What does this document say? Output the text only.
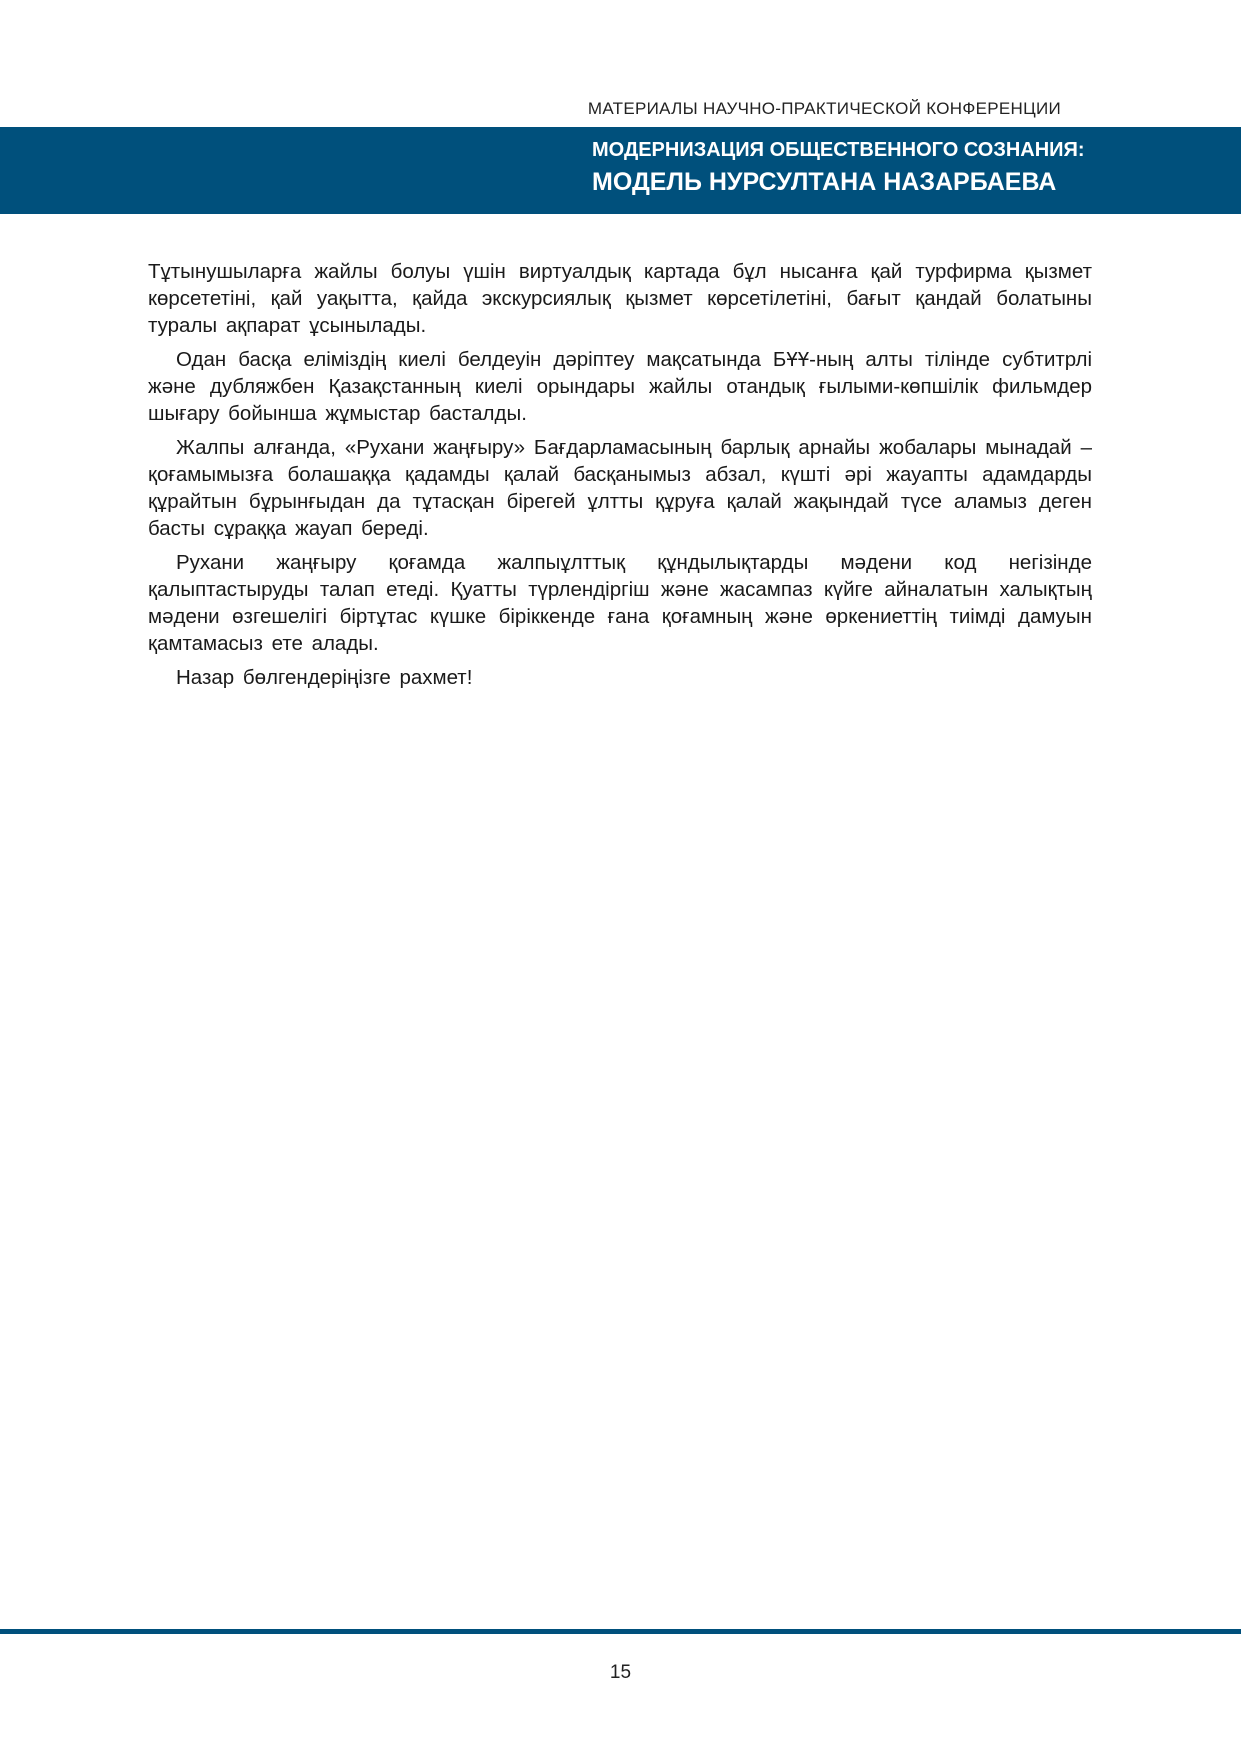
МАТЕРИАЛЫ НАУЧНО-ПРАКТИЧЕСКОЙ КОНФЕРЕНЦИИ
МОДЕРНИЗАЦИЯ ОБЩЕСТВЕННОГО СОЗНАНИЯ:
МОДЕЛЬ НУРСУЛТАНА НАЗАРБАЕВА

Тұтынушыларға жайлы болуы үшін виртуалдық картада бұл нысанға қай турфирма қызмет көрсететіні, қай уақытта, қайда экскурсиялық қызмет көрсетілетіні, бағыт қандай болатыны туралы ақпарат ұсынылады.

Одан басқа еліміздің киелі белдеуін дәріптеу мақсатында БҰҰ-ның алты тілінде субтитрлі және дубляжбен Қазақстанның киелі орындары жайлы отандық ғылыми-көпшілік фильмдер шығару бойынша жұмыстар басталды.

Жалпы алғанда, «Рухани жаңғыру» Бағдарламасының барлық арнайы жобалары мынадай – қоғамымызға болашаққа қадамды қалай басқанымыз абзал, күшті әрі жауапты адамдарды құрайтын бұрынғыдан да тұтасқан бірегей ұлтты құруға қалай жақындай түсе аламыз деген басты сұраққа жауап береді.

Рухани жаңғыру қоғамда жалпыұлттық құндылықтарды мәдени код негізінде қалыптастыруды талап етеді. Қуатты түрлендіргіш және жасампаз күйге айналатын халықтың мәдени өзгешелігі біртұтас күшке біріккенде ғана қоғамның және өркениеттің тиімді дамуын қамтамасыз ете алады.

Назар бөлгендеріңізге рахмет!

15
